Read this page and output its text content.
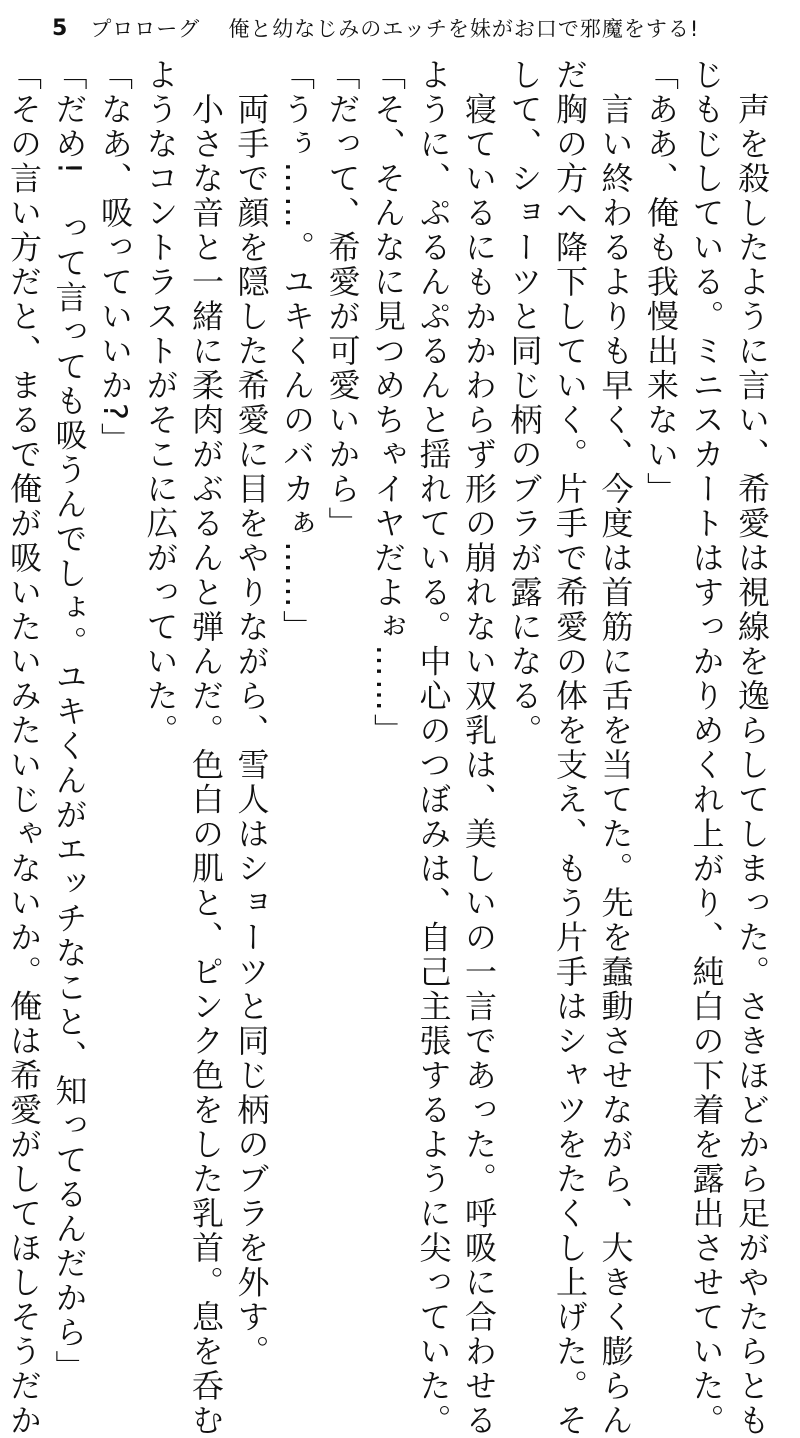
5 プロローグ 俺と幼なじみのエッチを妹がお口で邪魔をする!
　声を殺したように言い、希愛は視線を逸らしてしまった。さきほどから足がやたらとも
じもじしている。ミニスカートはすっかりめくれ上がり、純白の下着を露出させていた。
「ああ、俺も我慢出来ない」
　言い終わるよりも早く、今度は首筋に舌を当てた。先を蠢動させながら、大きく膨らん
だ胸の方へ降下していく。片手で希愛の体を支え、もう片手はシャツをたくし上げた。そ
して、ショーツと同じ柄のブラが露になる。
　寝ているにもかかわらず形の崩れない双乳は、美しいの一言であった。呼吸に合わせる
ように、ぷるんぷるんと揺れている。中心のつぼみは、自己主張するように尖っていた。
「そ、そんなに見つめちゃイヤだよぉ……」
「だって、希愛が可愛いから」
「うぅ……。ユキくんのバカぁ……」
　両手で顔を隠した希愛に目をやりながら、雪人はショーツと同じ柄のブラを外す。
　小さな音と一緒に柔肉がぶるんと弾んだ。色白の肌と、ピンク色をした乳首。息を呑む
ようなコントラストがそこに広がっていた。
「なあ、吸っていいか?」
「だめ!　って言っても吸うんでしょ。ユキくんがエッチなこと、知ってるんだから」
「その言い方だと、まるで俺が吸いたいみたいじゃないか。俺は希愛がしてほしそうだか
